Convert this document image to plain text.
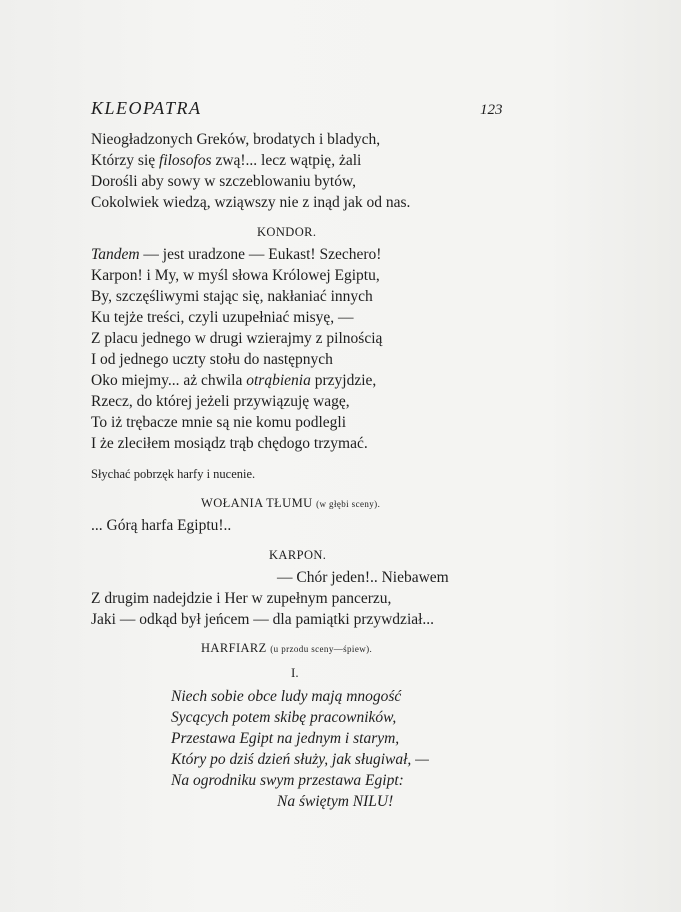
KLEOPATRA	123
Nieogładzonych Greków, brodatych i bladych,
Którzy się filosofos zwą!... lecz wątpię, żali
Dorośli aby sowy w szczeblowaniu bytów,
Cokolwiek wiedzą, wziąwszy nie z inąd jak od nas.
KONDOR.
Tandem — jest uradzone — Eukast! Szechero!
Karpon! i My, w myśl słowa Królowej Egiptu,
By, szczęśliwymi stając się, nakłaniać innych
Ku tejże treści, czyli uzupełniać misyę, —
Z placu jednego w drugi wzierajmy z pilnością
I od jednego uczty stołu do następnych
Oko miejmy... aż chwila otrąbienia przyjdzie,
Rzecz, do której jeżeli przywiązuję wagę,
To iż trębacze mnie są nie komu podlegli
I że zleciłem mosiądz trąb chędogo trzymać.
Słychać pobrzęk harfy i nucenie.
WOŁANIA TŁUMU (w głębi sceny).
... Górą harfa Egiptu!..
KARPON.
— Chór jeden!.. Niebawem
Z drugim nadejdzie i Her w zupełnym pancerzu,
Jaki — odkąd był jeńcem — dla pamiątki przywdział...
HARFIARZ (u przodu sceny—śpiew).
I.
Niech sobie obce ludy mają mnogość
Sycących potem skibę pracowników,
Przestawa Egipt na jednym i starym,
Który po dziś dzień służy, jak sługiwał, —
Na ogrodniku swym przestawa Egipt:
Na świętym NILU!
